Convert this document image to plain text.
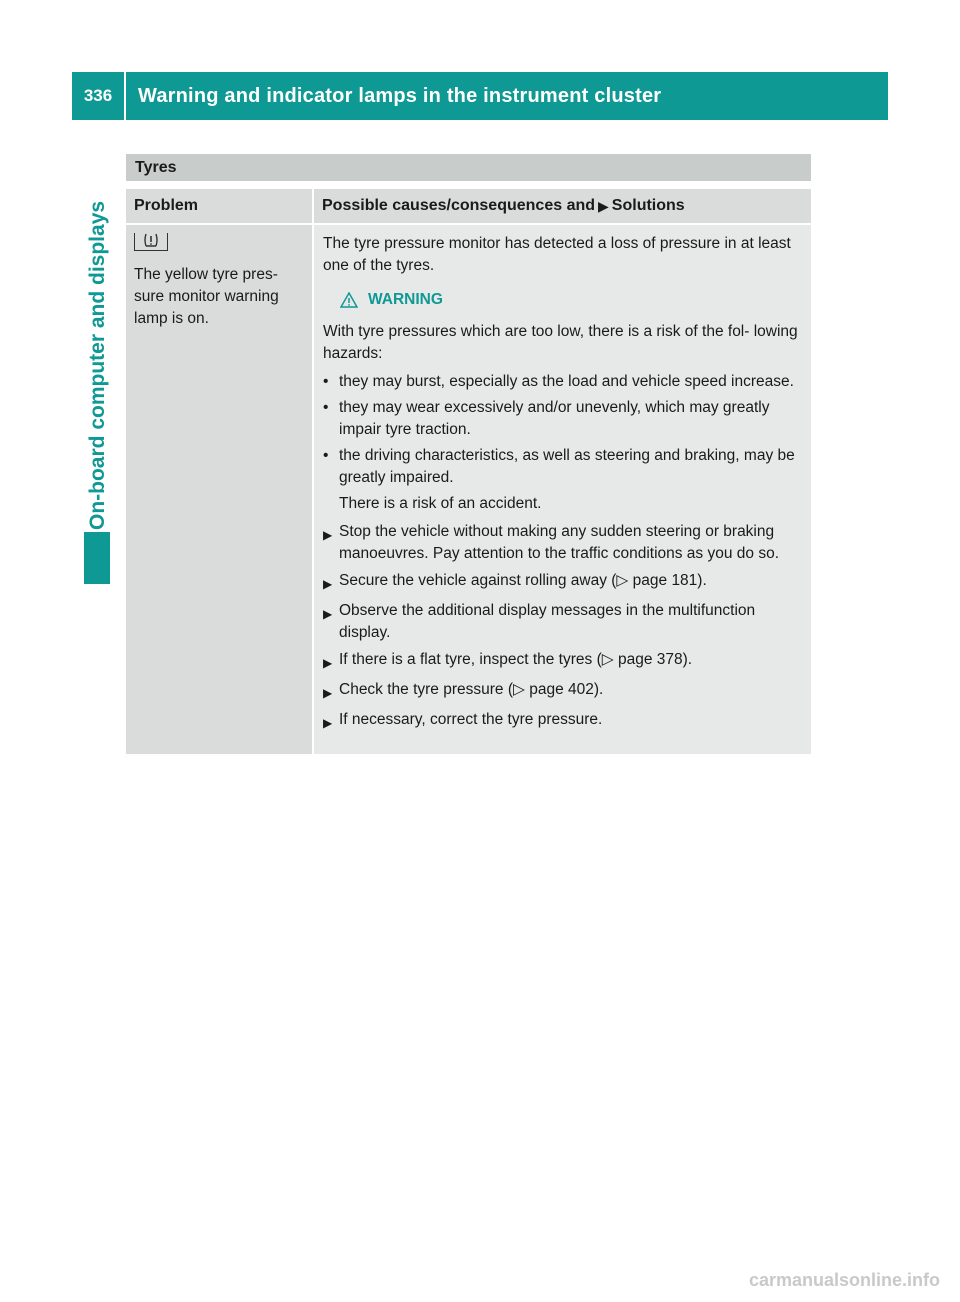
336	Warning and indicator lamps in the instrument cluster
On-board computer and displays
Tyres
Problem	Possible causes/consequences and ▶ Solutions
The yellow tyre pres- sure monitor warning lamp is on.

The tyre pressure monitor has detected a loss of pressure in at least one of the tyres.

WARNING

With tyre pressures which are too low, there is a risk of the fol- lowing hazards:

• they may burst, especially as the load and vehicle speed increase.
• they may wear excessively and/or unevenly, which may greatly impair tyre traction.
• the driving characteristics, as well as steering and braking, may be greatly impaired.
There is a risk of an accident.
▶ Stop the vehicle without making any sudden steering or braking manoeuvres. Pay attention to the traffic conditions as you do so.
▶ Secure the vehicle against rolling away (▷ page 181).
▶ Observe the additional display messages in the multifunction display.
▶ If there is a flat tyre, inspect the tyres (▷ page 378).
▶ Check the tyre pressure (▷ page 402).
▶ If necessary, correct the tyre pressure.
carmanualsonline.info
